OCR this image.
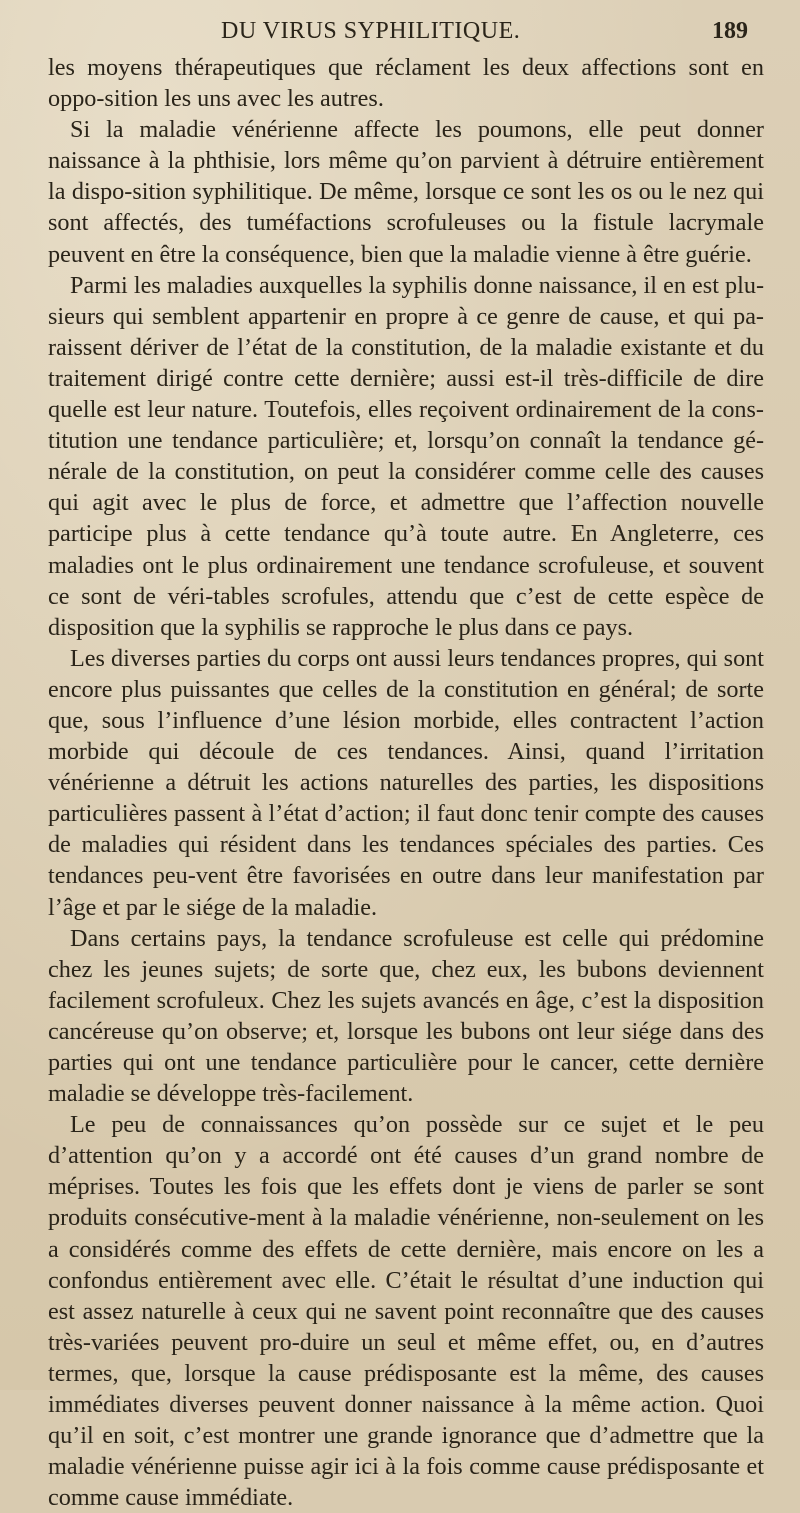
DU VIRUS SYPHILITIQUE.	189

les moyens thérapeutiques que réclament les deux affections sont en oppo-sition les uns avec les autres.

Si la maladie vénérienne affecte les poumons, elle peut donner naissance à la phthisie, lors même qu’on parvient à détruire entièrement la dispo-sition syphilitique. De même, lorsque ce sont les os ou le nez qui sont affectés, des tuméfactions scrofuleuses ou la fistule lacrymale peuvent en être la conséquence, bien que la maladie vienne à être guérie.

Parmi les maladies auxquelles la syphilis donne naissance, il en est plu-sieurs qui semblent appartenir en propre à ce genre de cause, et qui pa-raissent dériver de l’état de la constitution, de la maladie existante et du traitement dirigé contre cette dernière; aussi est-il très-difficile de dire quelle est leur nature. Toutefois, elles reçoivent ordinairement de la cons-titution une tendance particulière; et, lorsqu’on connaît la tendance gé-nérale de la constitution, on peut la considérer comme celle des causes qui agit avec le plus de force, et admettre que l’affection nouvelle participe plus à cette tendance qu’à toute autre. En Angleterre, ces maladies ont le plus ordinairement une tendance scrofuleuse, et souvent ce sont de véri-tables scrofules, attendu que c’est de cette espèce de disposition que la syphilis se rapproche le plus dans ce pays.

Les diverses parties du corps ont aussi leurs tendances propres, qui sont encore plus puissantes que celles de la constitution en général; de sorte que, sous l’influence d’une lésion morbide, elles contractent l’action morbide qui découle de ces tendances. Ainsi, quand l’irritation vénérienne a détruit les actions naturelles des parties, les dispositions particulières passent à l’état d’action; il faut donc tenir compte des causes de maladies qui résident dans les tendances spéciales des parties. Ces tendances peu-vent être favorisées en outre dans leur manifestation par l’âge et par le siége de la maladie.

Dans certains pays, la tendance scrofuleuse est celle qui prédomine chez les jeunes sujets; de sorte que, chez eux, les bubons deviennent facilement scrofuleux. Chez les sujets avancés en âge, c’est la disposition cancéreuse qu’on observe; et, lorsque les bubons ont leur siége dans des parties qui ont une tendance particulière pour le cancer, cette dernière maladie se développe très-facilement.

Le peu de connaissances qu’on possède sur ce sujet et le peu d’attention qu’on y a accordé ont été causes d’un grand nombre de méprises. Toutes les fois que les effets dont je viens de parler se sont produits consécutive-ment à la maladie vénérienne, non-seulement on les a considérés comme des effets de cette dernière, mais encore on les a confondus entièrement avec elle. C’était le résultat d’une induction qui est assez naturelle à ceux qui ne savent point reconnaître que des causes très-variées peuvent pro-duire un seul et même effet, ou, en d’autres termes, que, lorsque la cause prédisposante est la même, des causes immédiates diverses peuvent donner naissance à la même action. Quoi qu’il en soit, c’est montrer une grande ignorance que d’admettre que la maladie vénérienne puisse agir ici à la fois comme cause prédisposante et comme cause immédiate.
